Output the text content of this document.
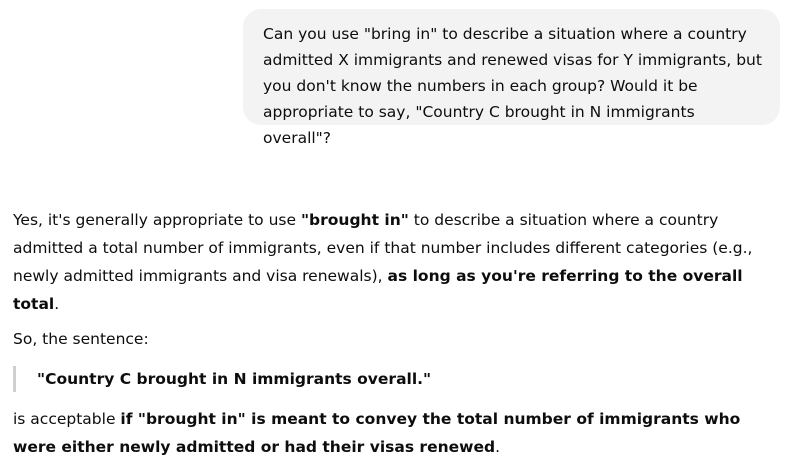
Can you use "bring in" to describe a situation where a country admitted X immigrants and renewed visas for Y immigrants, but you don't know the numbers in each group? Would it be appropriate to say, "Country C brought in N immigrants overall"?

Yes, it's generally appropriate to use "brought in" to describe a situation where a country admitted a total number of immigrants, even if that number includes different categories (e.g., newly admitted immigrants and visa renewals), as long as you're referring to the overall total.

So, the sentence:

"Country C brought in N immigrants overall."

is acceptable if "brought in" is meant to convey the total number of immigrants who were either newly admitted or had their visas renewed.
